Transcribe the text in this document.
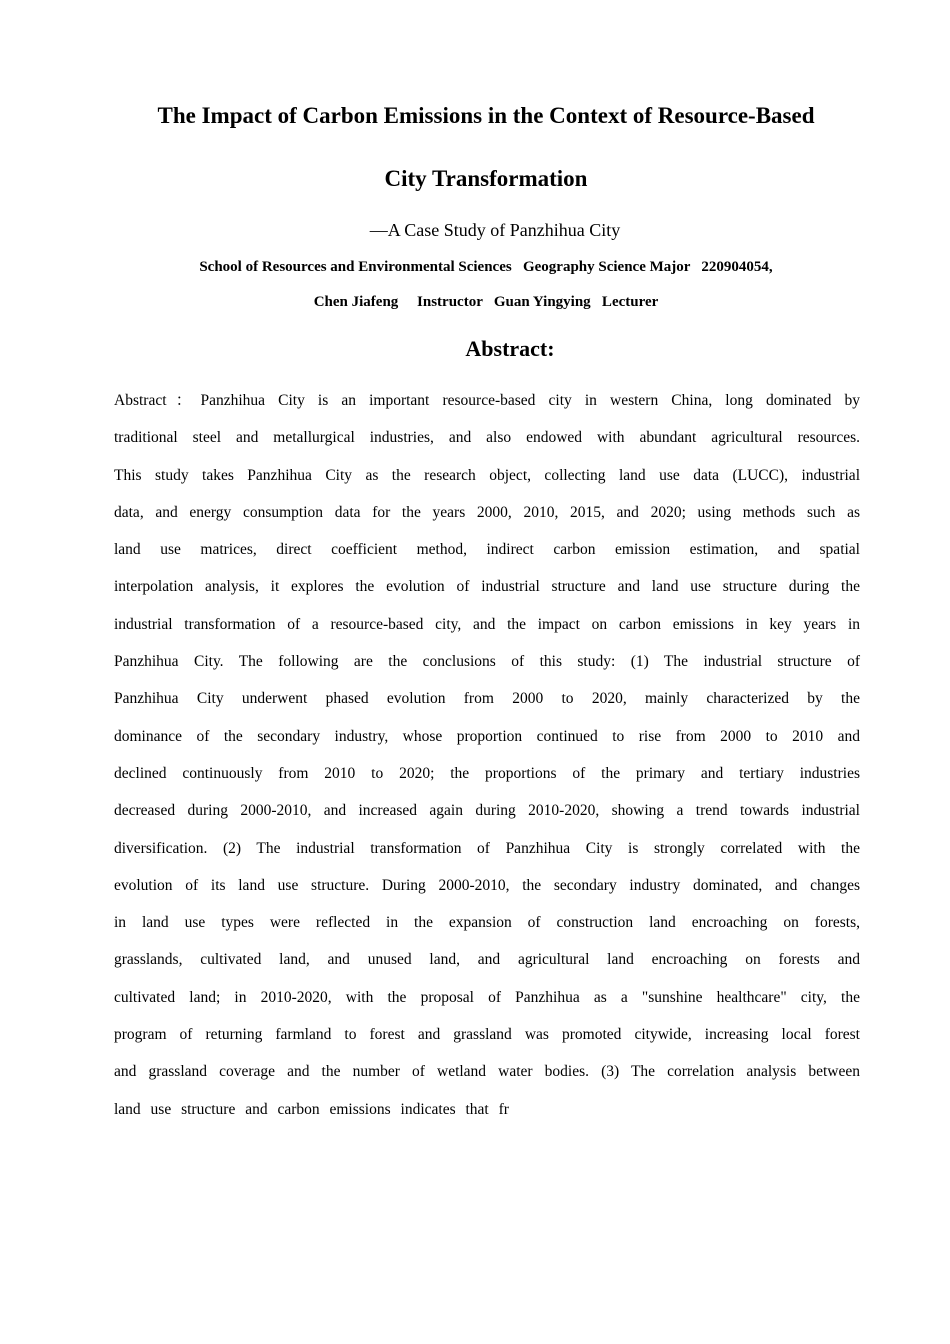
The Impact of Carbon Emissions in the Context of Resource-Based
City Transformation
—A Case Study of Panzhihua City
School of Resources and Environmental Sciences   Geography Science Major   220904054,
Chen Jiafeng     Instructor   Guan Yingying   Lecturer
Abstract:
Abstract：Panzhihua City is an important resource-based city in western China, long dominated by
traditional steel and metallurgical industries, and also endowed with abundant agricultural resources.
This study takes Panzhihua City as the research object, collecting land use data (LUCC), industrial
data, and energy consumption data for the years 2000, 2010, 2015, and 2020; using methods such as
land use matrices, direct coefficient method, indirect carbon emission estimation, and spatial
interpolation analysis, it explores the evolution of industrial structure and land use structure during the
industrial transformation of a resource-based city, and the impact on carbon emissions in key years in
Panzhihua City. The following are the conclusions of this study: (1) The industrial structure of
Panzhihua City underwent phased evolution from 2000 to 2020, mainly characterized by the
dominance of the secondary industry, whose proportion continued to rise from 2000 to 2010 and
declined continuously from 2010 to 2020; the proportions of the primary and tertiary industries
decreased during 2000-2010, and increased again during 2010-2020, showing a trend towards industrial
diversification. (2) The industrial transformation of Panzhihua City is strongly correlated with the
evolution of its land use structure. During 2000-2010, the secondary industry dominated, and changes
in land use types were reflected in the expansion of construction land encroaching on forests,
grasslands, cultivated land, and unused land, and agricultural land encroaching on forests and
cultivated land; in 2010-2020, with the proposal of Panzhihua as a "sunshine healthcare" city, the
program of returning farmland to forest and grassland was promoted citywide, increasing local forest
and grassland coverage and the number of wetland water bodies. (3) The correlation analysis between
land use structure and carbon emissions indicates that fr
